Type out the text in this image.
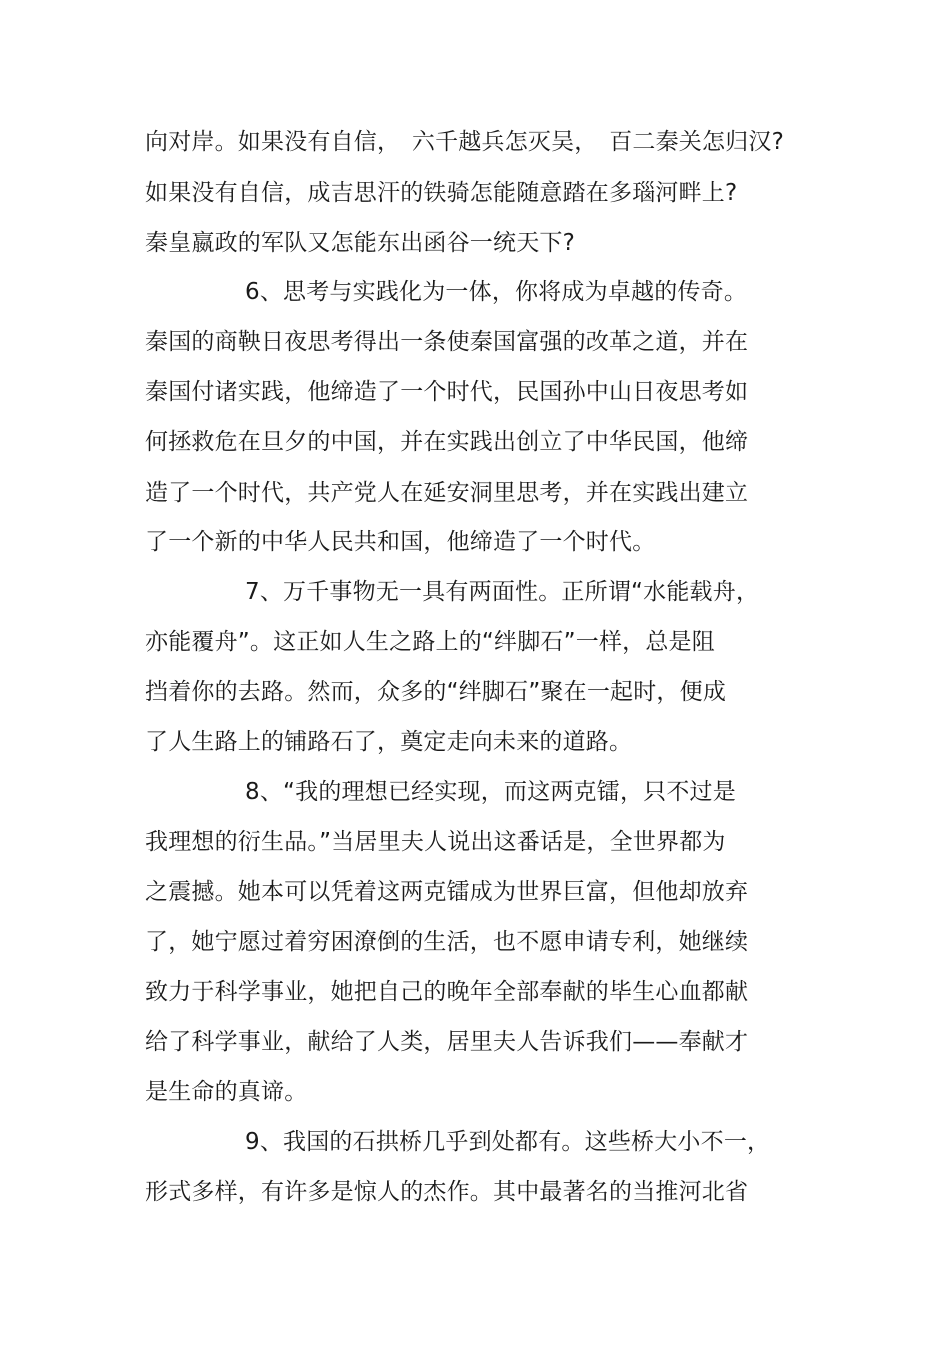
向对岸。如果没有自信，　六千越兵怎灭吴，　百二秦关怎归汉?
如果没有自信，成吉思汗的铁骑怎能随意踏在多瑙河畔上?
秦皇嬴政的军队又怎能东出函谷一统天下?
6、思考与实践化为一体，你将成为卓越的传奇。
秦国的商鞅日夜思考得出一条使秦国富强的改革之道，并在
秦国付诸实践，他缔造了一个时代，民国孙中山日夜思考如
何拯救危在旦夕的中国，并在实践出创立了中华民国，他缔
造了一个时代，共产党人在延安洞里思考，并在实践出建立
了一个新的中华人民共和国，他缔造了一个时代。
7、万千事物无一具有两面性。正所谓“水能载舟，
亦能覆舟”。这正如人生之路上的“绊脚石”一样，总是阻
挡着你的去路。然而，众多的“绊脚石”聚在一起时，便成
了人生路上的铺路石了，奠定走向未来的道路。
8、“我的理想已经实现，而这两克镭，只不过是
我理想的衍生品。”当居里夫人说出这番话是，全世界都为
之震撼。她本可以凭着这两克镭成为世界巨富，但他却放弃
了，她宁愿过着穷困潦倒的生活，也不愿申请专利，她继续
致力于科学事业，她把自己的晚年全部奉献的毕生心血都献
给了科学事业，献给了人类，居里夫人告诉我们——奉献才
是生命的真谛。
9、我国的石拱桥几乎到处都有。这些桥大小不一，
形式多样，有许多是惊人的杰作。其中最著名的当推河北省
